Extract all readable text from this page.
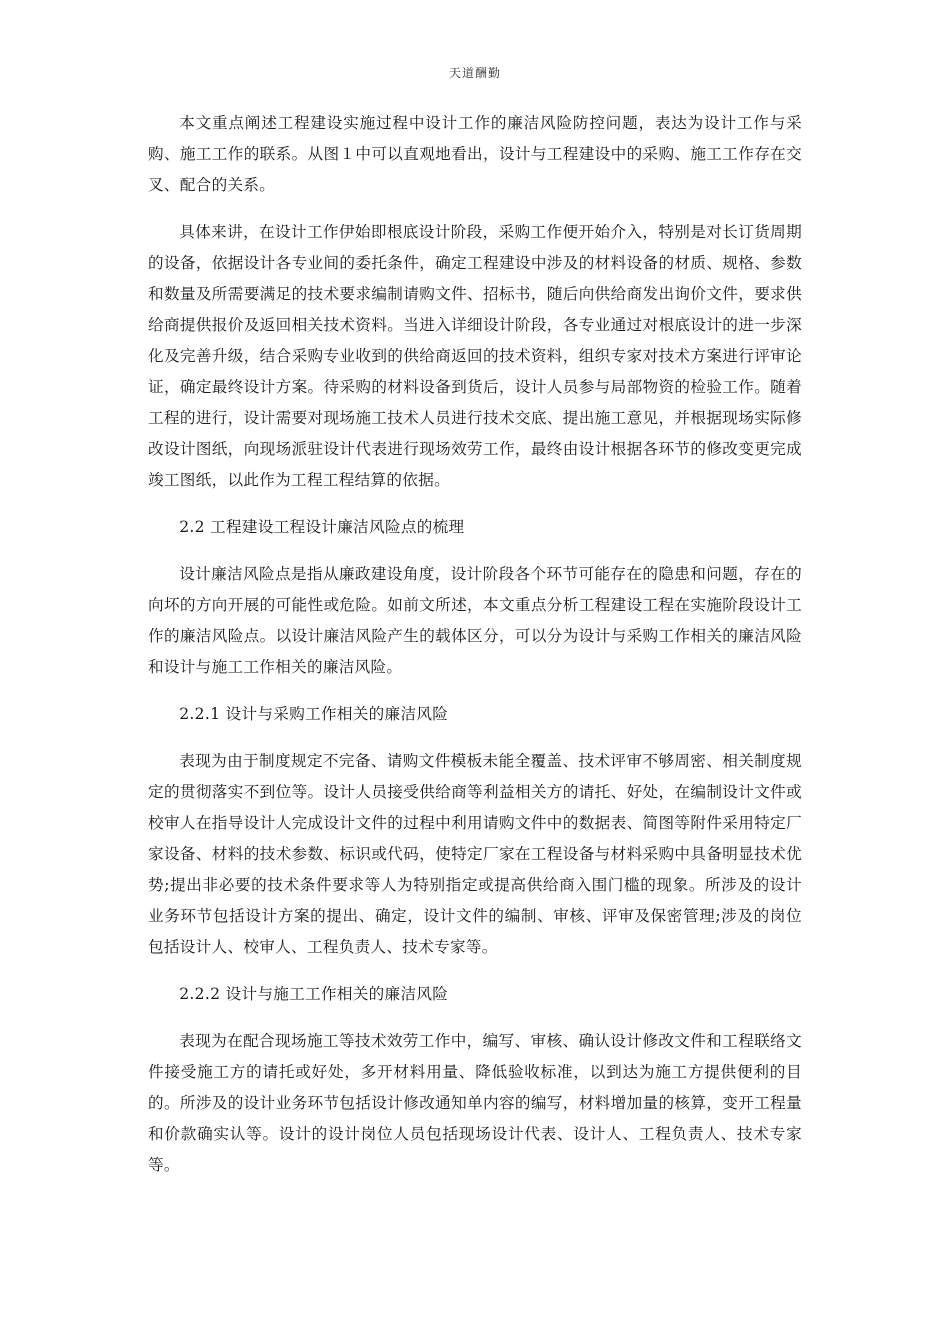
天道酬勤

本文重点阐述工程建设实施过程中设计工作的廉洁风险防控问题，表达为设计工作与采购、施工工作的联系。从图１中可以直观地看出，设计与工程建设中的采购、施工工作存在交叉、配合的关系。

具体来讲，在设计工作伊始即根底设计阶段，采购工作便开始介入，特别是对长订货周期的设备，依据设计各专业间的委托条件，确定工程建设中涉及的材料设备的材质、规格、参数和数量及所需要满足的技术要求编制请购文件、招标书，随后向供给商发出询价文件，要求供给商提供报价及返回相关技术资料。当进入详细设计阶段，各专业通过对根底设计的进一步深化及完善升级，结合采购专业收到的供给商返回的技术资料，组织专家对技术方案进行评审论证，确定最终设计方案。待采购的材料设备到货后，设计人员参与局部物资的检验工作。随着工程的进行，设计需要对现场施工技术人员进行技术交底、提出施工意见，并根据现场实际修改设计图纸，向现场派驻设计代表进行现场效劳工作，最终由设计根据各环节的修改变更完成竣工图纸，以此作为工程工程结算的依据。

2.2 工程建设工程设计廉洁风险点的梳理

设计廉洁风险点是指从廉政建设角度，设计阶段各个环节可能存在的隐患和问题，存在的向坏的方向开展的可能性或危险。如前文所述，本文重点分析工程建设工程在实施阶段设计工作的廉洁风险点。以设计廉洁风险产生的载体区分，可以分为设计与采购工作相关的廉洁风险和设计与施工工作相关的廉洁风险。

2.2.1 设计与采购工作相关的廉洁风险

表现为由于制度规定不完备、请购文件模板未能全覆盖、技术评审不够周密、相关制度规定的贯彻落实不到位等。设计人员接受供给商等利益相关方的请托、好处，在编制设计文件或校审人在指导设计人完成设计文件的过程中利用请购文件中的数据表、简图等附件采用特定厂家设备、材料的技术参数、标识或代码，使特定厂家在工程设备与材料采购中具备明显技术优势;提出非必要的技术条件要求等人为特别指定或提高供给商入围门槛的现象。所涉及的设计业务环节包括设计方案的提出、确定，设计文件的编制、审核、评审及保密管理;涉及的岗位包括设计人、校审人、工程负责人、技术专家等。

2.2.2 设计与施工工作相关的廉洁风险

表现为在配合现场施工等技术效劳工作中，编写、审核、确认设计修改文件和工程联络文件接受施工方的请托或好处，多开材料用量、降低验收标准，以到达为施工方提供便利的目的。所涉及的设计业务环节包括设计修改通知单内容的编写，材料增加量的核算，变开工程量和价款确实认等。设计的设计岗位人员包括现场设计代表、设计人、工程负责人、技术专家等。
